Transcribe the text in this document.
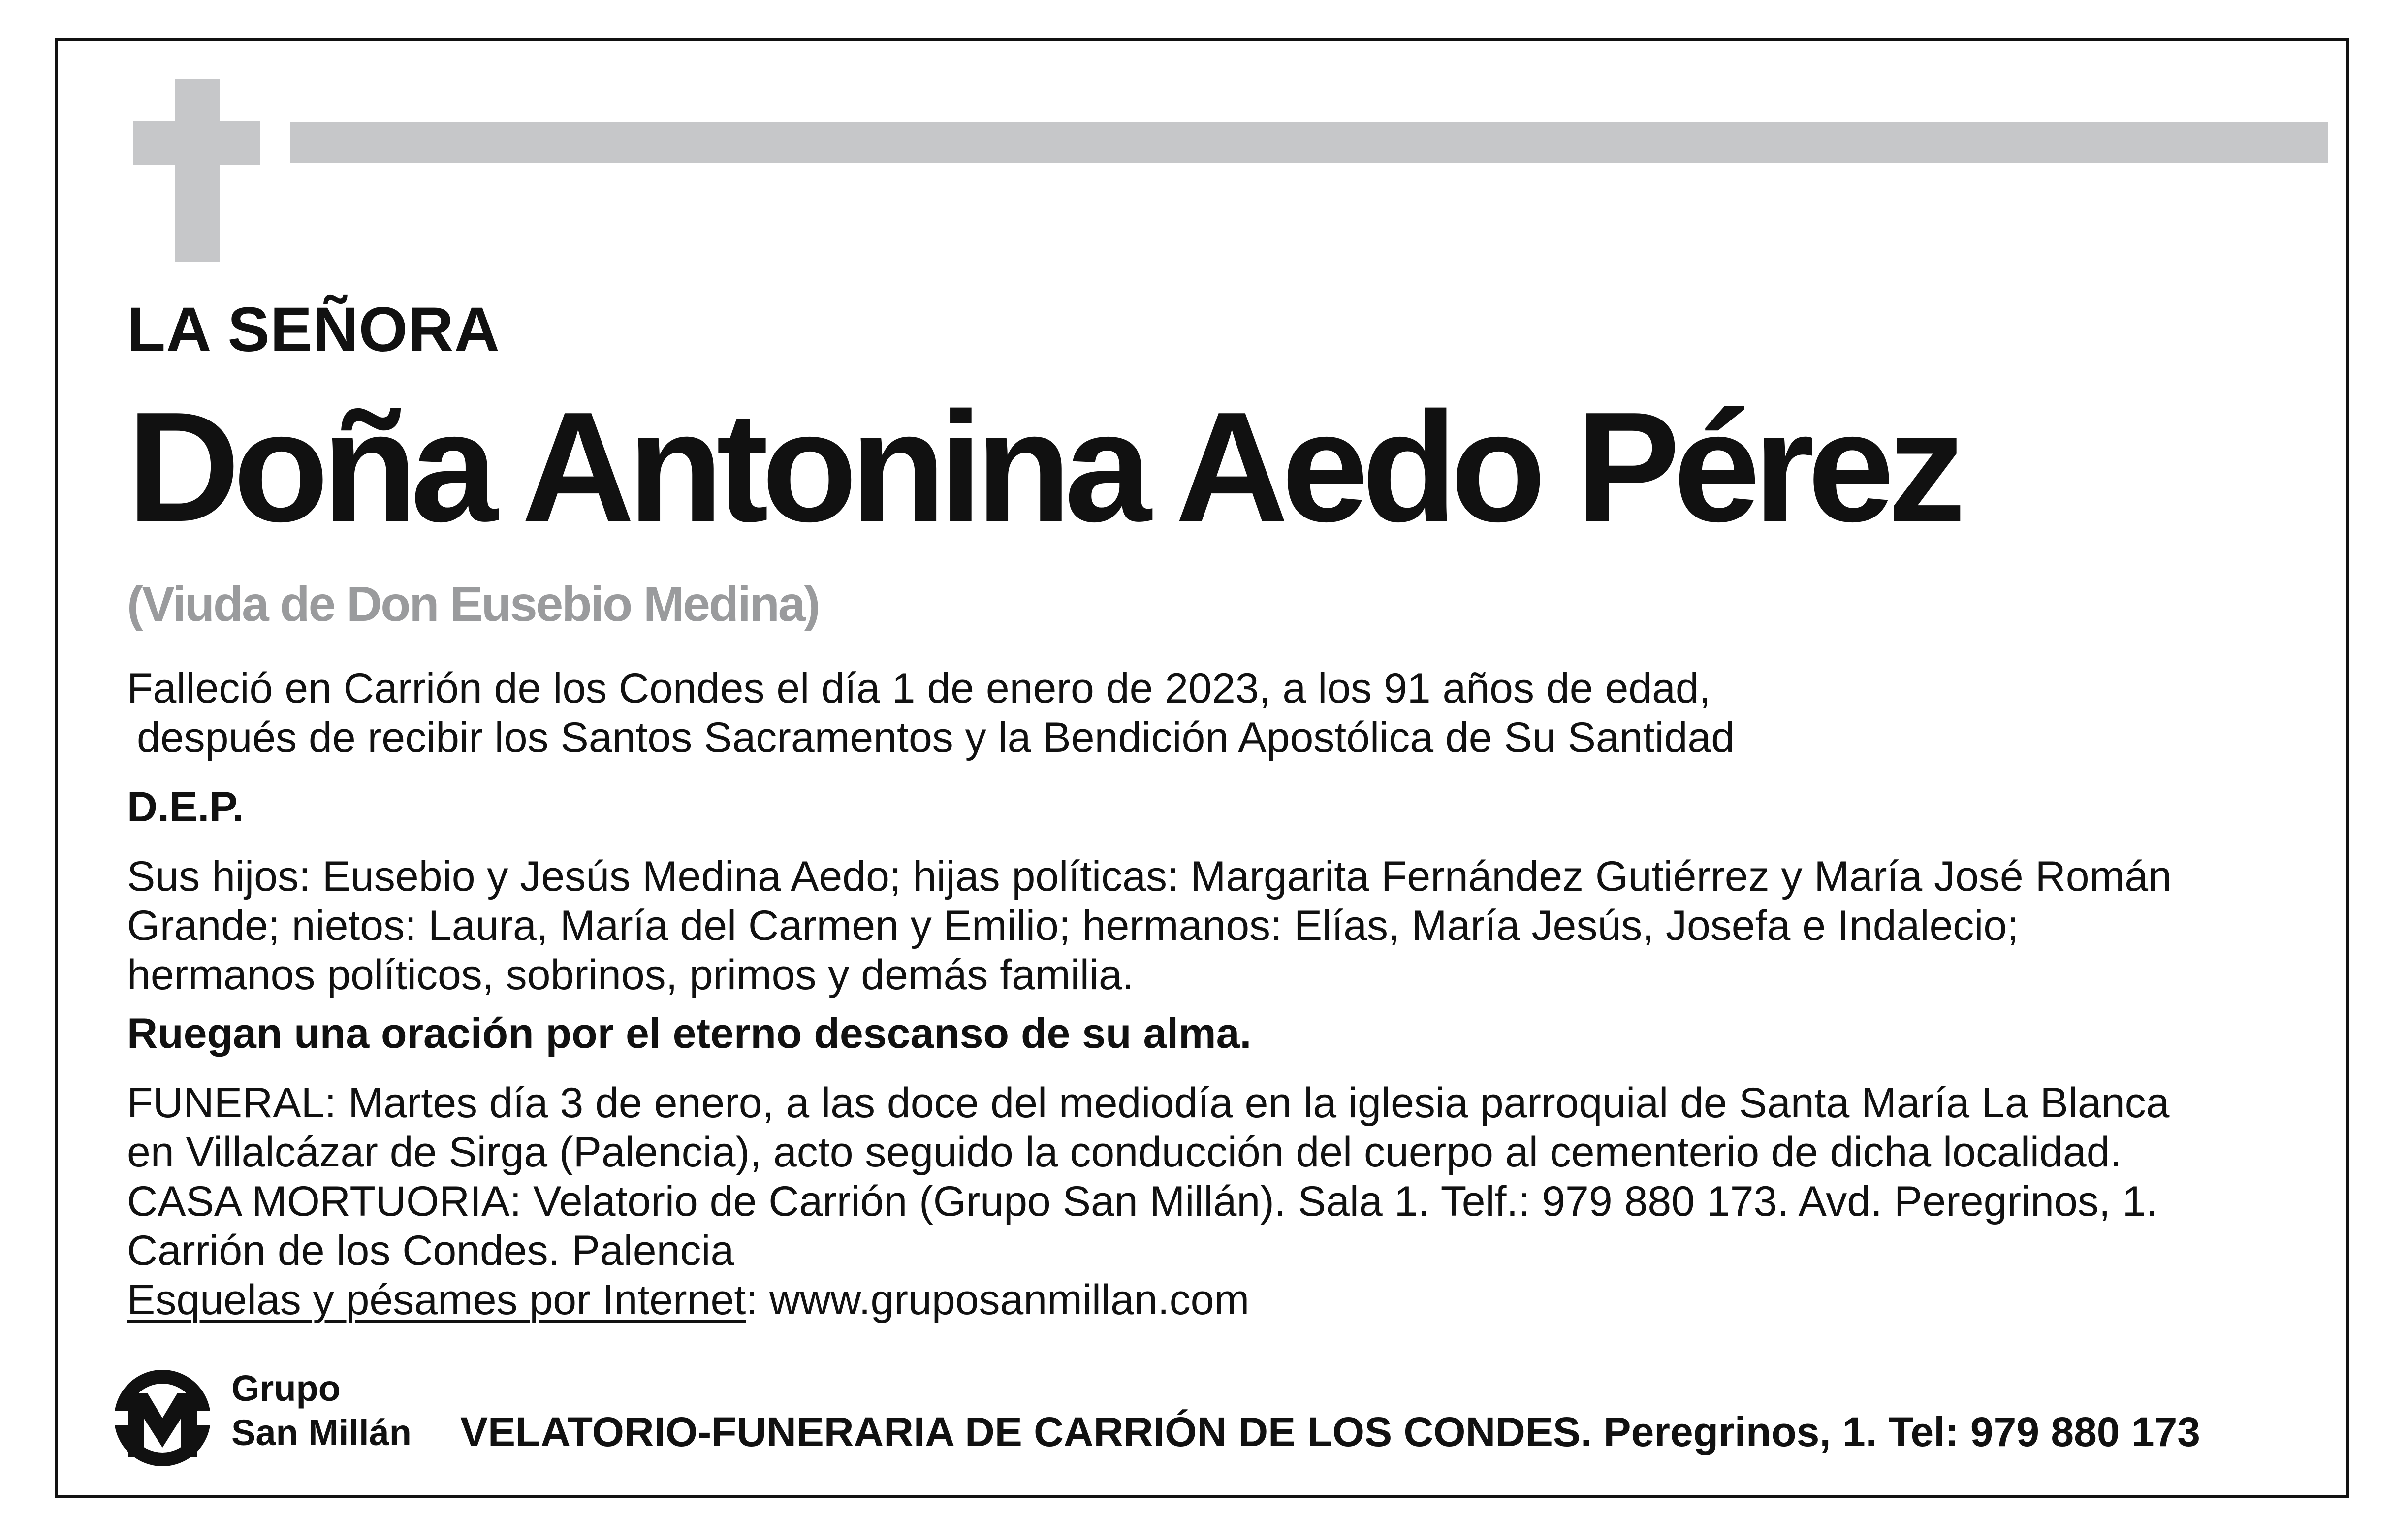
LA SEÑORA
Doña Antonina Aedo Pérez
(Viuda de Don Eusebio Medina)
Falleció en Carrión de los Condes el día 1 de enero de 2023, a los 91 años de edad,
después de recibir los Santos Sacramentos y la Bendición Apostólica de Su Santidad
D.E.P.
Sus hijos: Eusebio y Jesús Medina Aedo; hijas políticas: Margarita Fernández Gutiérrez y María José Román
Grande; nietos: Laura, María del Carmen y Emilio; hermanos: Elías, María Jesús, Josefa e Indalecio;
hermanos políticos, sobrinos, primos y demás familia.
Ruegan una oración por el eterno descanso de su alma.
FUNERAL: Martes día 3 de enero, a las doce del mediodía en la iglesia parroquial de Santa María La Blanca
en Villalcázar de Sirga (Palencia), acto seguido la conducción del cuerpo al cementerio de dicha localidad.
CASA MORTUORIA: Velatorio de Carrión (Grupo San Millán). Sala 1. Telf.: 979 880 173. Avd. Peregrinos, 1.
Carrión de los Condes. Palencia
Esquelas y pésames por Internet: www.gruposanmillan.com
Grupo
San Millán VELATORIO-FUNERARIA DE CARRIÓN DE LOS CONDES. Peregrinos, 1. Tel: 979 880 173
